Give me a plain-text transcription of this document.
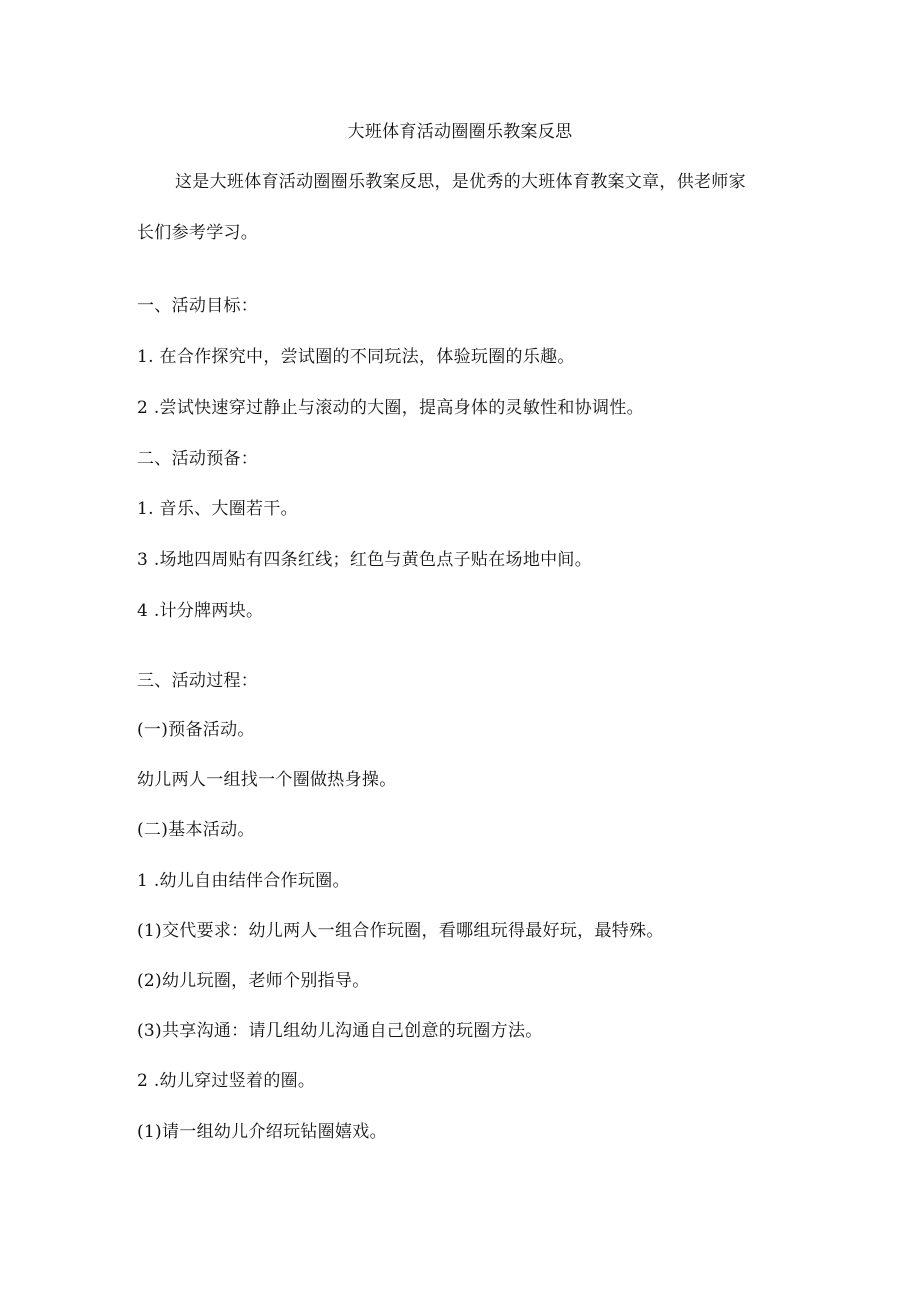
大班体育活动圈圈乐教案反思
这是大班体育活动圈圈乐教案反思，是优秀的大班体育教案文章，供老师家
长们参考学习。
一、活动目标：
1. 在合作探究中，尝试圈的不同玩法，体验玩圈的乐趣。
2 .尝试快速穿过静止与滚动的大圈，提高身体的灵敏性和协调性。
二、活动预备：
1. 音乐、大圈若干。
3 .场地四周贴有四条红线；红色与黄色点子贴在场地中间。
4 .计分牌两块。
三、活动过程：
(一)预备活动。
幼儿两人一组找一个圈做热身操。
(二)基本活动。
1 .幼儿自由结伴合作玩圈。
(1)交代要求：幼儿两人一组合作玩圈，看哪组玩得最好玩，最特殊。
(2)幼儿玩圈，老师个别指导。
(3)共享沟通：请几组幼儿沟通自己创意的玩圈方法。
2 .幼儿穿过竖着的圈。
(1)请一组幼儿介绍玩钻圈嬉戏。
